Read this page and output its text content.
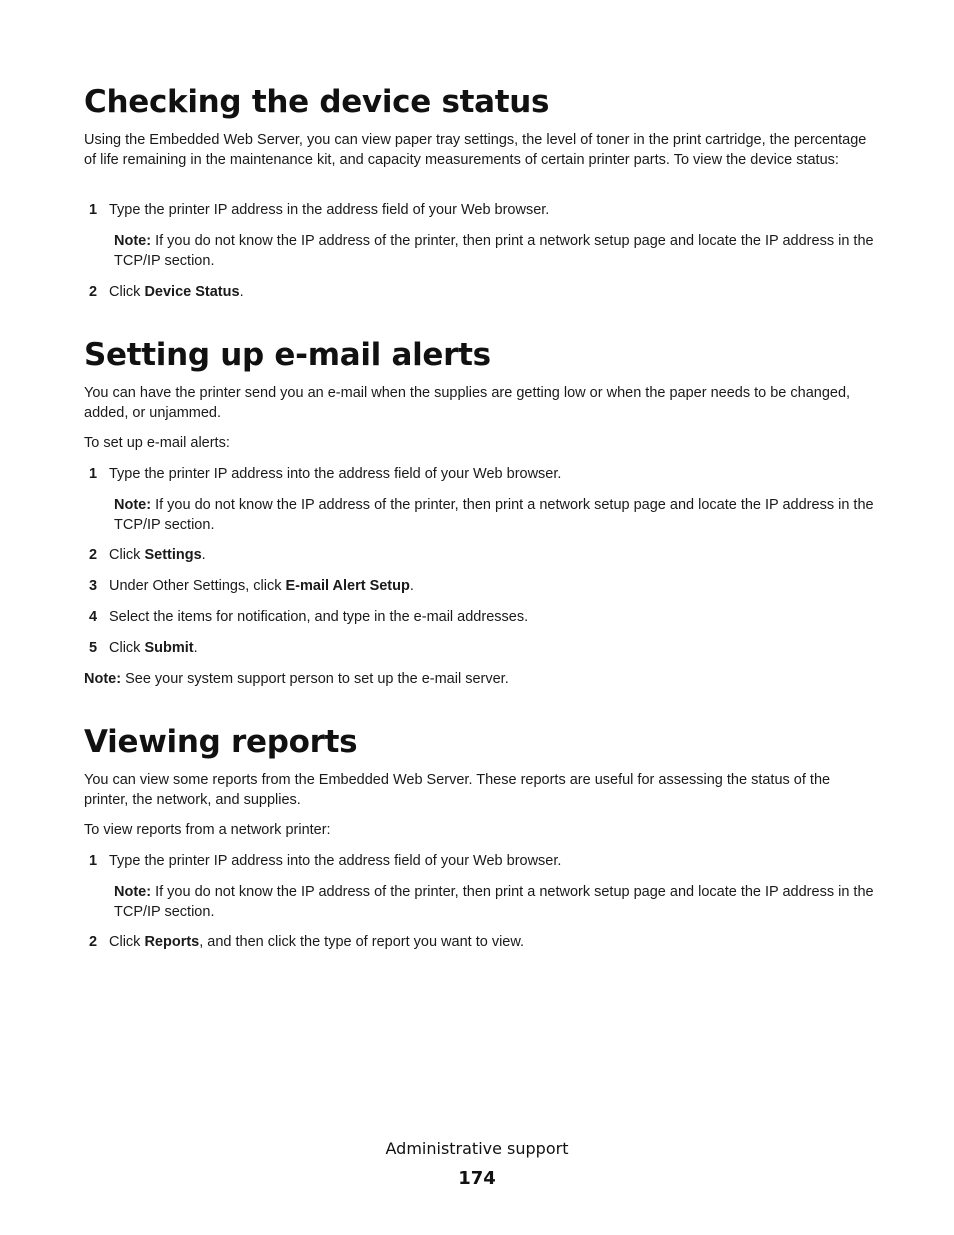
Checking the device status

Using the Embedded Web Server, you can view paper tray settings, the level of toner in the print cartridge, the percentage of life remaining in the maintenance kit, and capacity measurements of certain printer parts. To view the device status:

1 Type the printer IP address in the address field of your Web browser.

Note: If you do not know the IP address of the printer, then print a network setup page and locate the IP address in the TCP/IP section.

2 Click Device Status.
Setting up e-mail alerts

You can have the printer send you an e-mail when the supplies are getting low or when the paper needs to be changed, added, or unjammed.

To set up e-mail alerts:

1 Type the printer IP address into the address field of your Web browser.

Note: If you do not know the IP address of the printer, then print a network setup page and locate the IP address in the TCP/IP section.

2 Click Settings.
3 Under Other Settings, click E-mail Alert Setup.
4 Select the items for notification, and type in the e-mail addresses.
5 Click Submit.

Note: See your system support person to set up the e-mail server.

Viewing reports

You can view some reports from the Embedded Web Server. These reports are useful for assessing the status of the printer, the network, and supplies.

To view reports from a network printer:

1 Type the printer IP address into the address field of your Web browser.

Note: If you do not know the IP address of the printer, then print a network setup page and locate the IP address in the TCP/IP section.

2 Click Reports, and then click the type of report you want to view.
Administrative support
174
